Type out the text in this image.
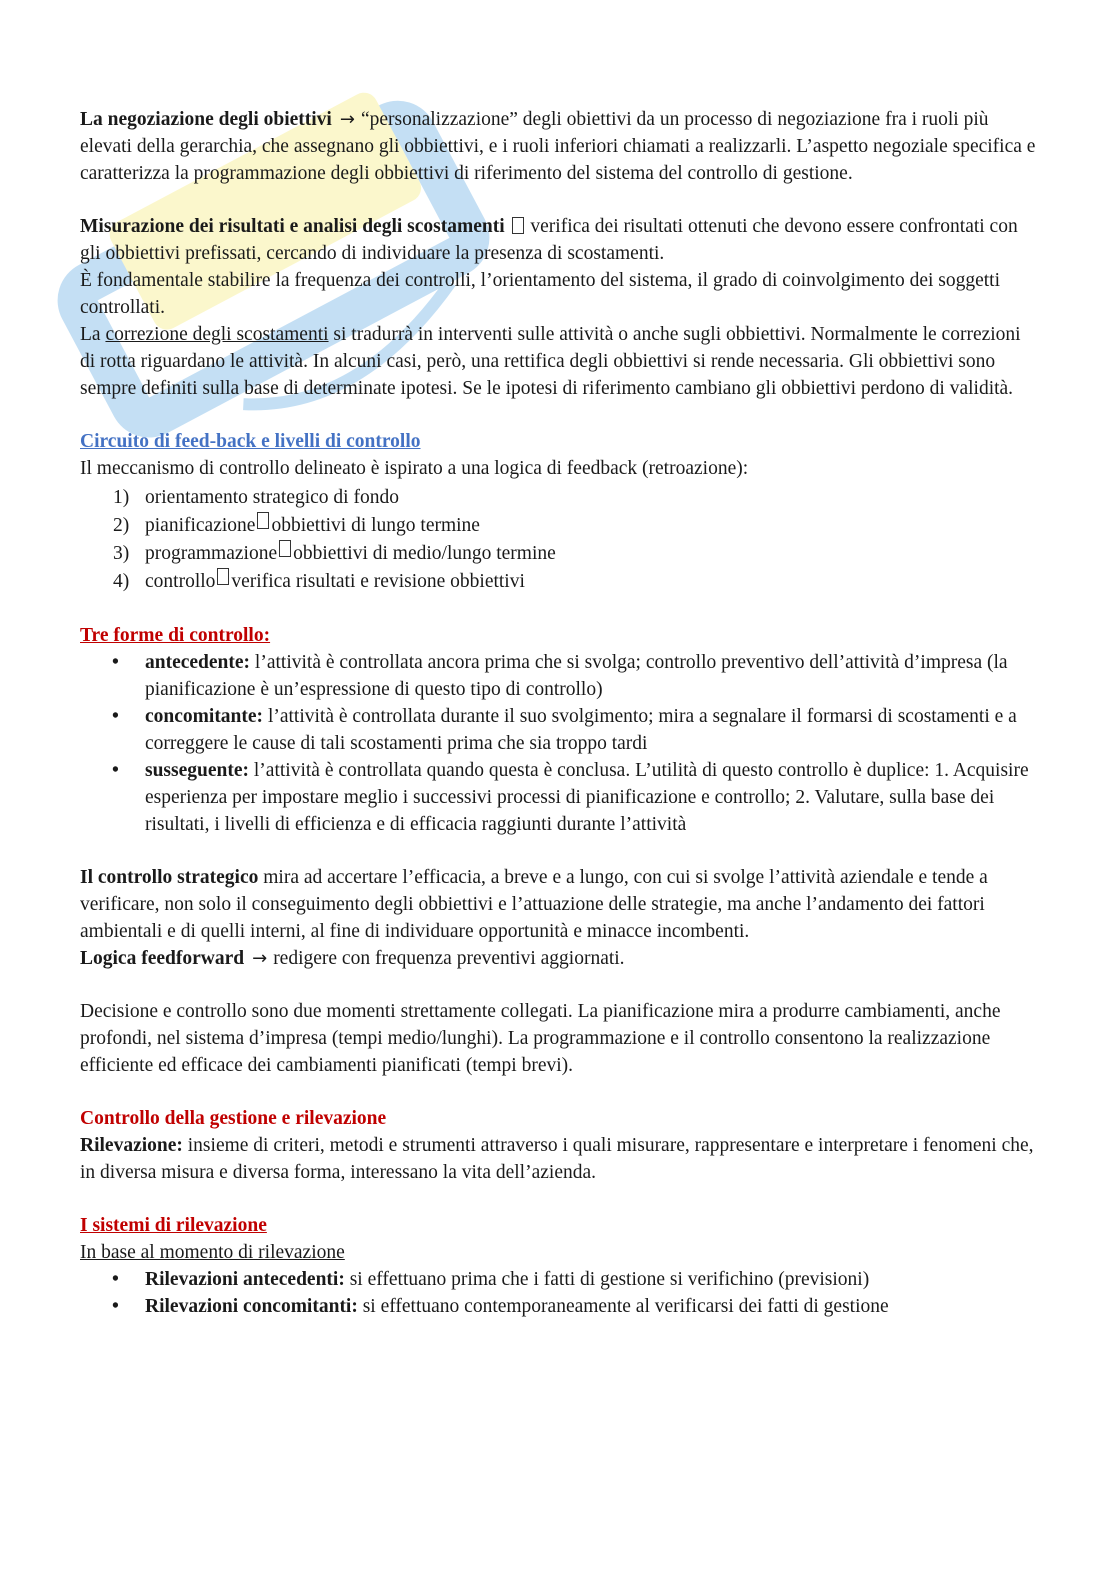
La negoziazione degli obiettivi → “personalizzazione” degli obiettivi da un processo di negoziazione fra i ruoli più elevati della gerarchia, che assegnano gli obbiettivi, e i ruoli inferiori chiamati a realizzarli. L’aspetto negoziale specifica e caratterizza la programmazione degli obbiettivi di riferimento del sistema del controllo di gestione.

Misurazione dei risultati e analisi degli scostamenti verifica dei risultati ottenuti che devono essere confrontati con gli obbiettivi prefissati, cercando di individuare la presenza di scostamenti.

È fondamentale stabilire la frequenza dei controlli, l’orientamento del sistema, il grado di coinvolgimento dei soggetti controllati.

La correzione degli scostamenti si tradurrà in interventi sulle attività o anche sugli obbiettivi. Normalmente le correzioni di rotta riguardano le attività. In alcuni casi, però, una rettifica degli obbiettivi si rende necessaria. Gli obbiettivi sono sempre definiti sulla base di determinate ipotesi. Se le ipotesi di riferimento cambiano gli obbiettivi perdono di validità.

Circuito di feed-back e livelli di controllo

Il meccanismo di controllo delineato è ispirato a una logica di feedback (retroazione):

1) orientamento strategico di fondo
2) pianificazione obbiettivi di lungo termine
3) programmazione obbiettivi di medio/lungo termine
4) controllo verifica risultati e revisione obbiettivi

Tre forme di controllo:

•	antecedente: l’attività è controllata ancora prima che si svolga; controllo preventivo dell’attività d’impresa (la pianificazione è un’espressione di questo tipo di controllo)
•	concomitante: l’attività è controllata durante il suo svolgimento; mira a segnalare il formarsi di scostamenti e a correggere le cause di tali scostamenti prima che sia troppo tardi
•	susseguente: l’attività è controllata quando questa è conclusa. L’utilità di questo controllo è duplice: 1. Acquisire esperienza per impostare meglio i successivi processi di pianificazione e controllo; 2. Valutare, sulla base dei risultati, i livelli di efficienza e di efficacia raggiunti durante l’attività

Il controllo strategico mira ad accertare l’efficacia, a breve e a lungo, con cui si svolge l’attività aziendale e tende a verificare, non solo il conseguimento degli obbiettivi e l’attuazione delle strategie, ma anche l’andamento dei fattori ambientali e di quelli interni, al fine di individuare opportunità e minacce incombenti.

Logica feedforward → redigere con frequenza preventivi aggiornati.

Decisione e controllo sono due momenti strettamente collegati. La pianificazione mira a produrre cambiamenti, anche profondi, nel sistema d’impresa (tempi medio/lunghi). La programmazione e il controllo consentono la realizzazione efficiente ed efficace dei cambiamenti pianificati (tempi brevi).

Controllo della gestione e rilevazione

Rilevazione: insieme di criteri, metodi e strumenti attraverso i quali misurare, rappresentare e interpretare i fenomeni che, in diversa misura e diversa forma, interessano la vita dell’azienda.

I sistemi di rilevazione

In base al momento di rilevazione

•	Rilevazioni antecedenti: si effettuano prima che i fatti di gestione si verifichino (previsioni)
•	Rilevazioni concomitanti: si effettuano contemporaneamente al verificarsi dei fatti di gestione
